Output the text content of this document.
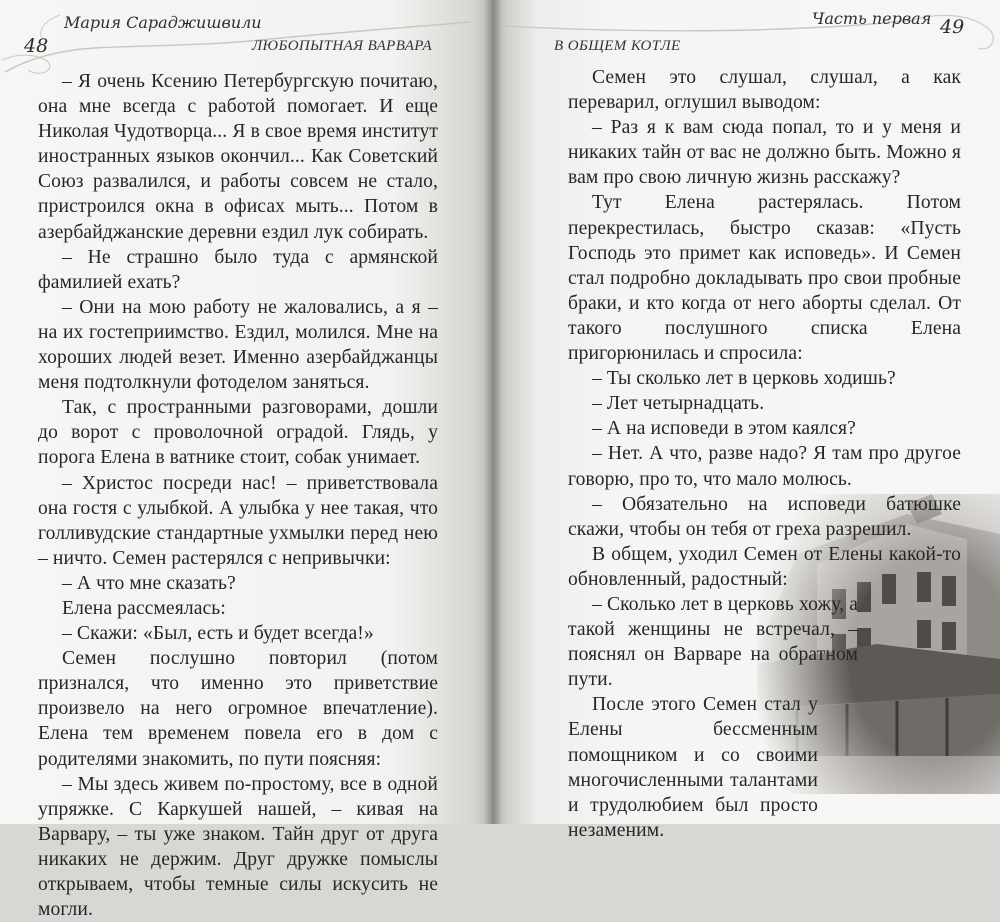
48
Мария Сараджишвили
ЛЮБОПЫТНАЯ ВАРВАРА

– Я очень Ксению Петербургскую почитаю, она мне всегда с работой помогает. И еще Николая Чудотворца... Я в свое время институт иностранных языков окончил... Как Советский Союз развалился, и работы совсем не стало, пристроился окна в офисах мыть... Потом в азербайджанские деревни ездил лук собирать.

– Не страшно было туда с армянской фамилией ехать?

– Они на мою работу не жаловались, а я – на их гостеприимство. Ездил, молился. Мне на хороших людей везет. Именно азербайджанцы меня подтолкнули фотоделом заняться.

Так, с пространными разговорами, дошли до ворот с проволочной оградой. Глядь, у порога Елена в ватнике стоит, собак унимает.

– Христос посреди нас! – приветствовала она гостя с улыбкой. А улыбка у нее такая, что голливудские стандартные ухмылки перед нею – ничто. Семен растерялся с непривычки:

– А что мне сказать?

Елена рассмеялась:

– Скажи: «Был, есть и будет всегда!»

Семен послушно повторил (потом признался, что именно это приветствие произвело на него огромное впечатление). Елена тем временем повела его в дом с родителями знакомить, по пути поясняя:

– Мы здесь живем по-простому, все в одной упряжке. С Каркушей нашей, – кивая на Варвару, – ты уже знаком. Тайн друг от друга никаких не держим. Друг дружке помыслы открываем, чтобы темные силы искусить не могли.

Часть первая 49
В ОБЩЕМ КОТЛЕ

Семен это слушал, слушал, а как переварил, оглушил выводом:

– Раз я к вам сюда попал, то и у меня и никаких тайн от вас не должно быть. Можно я вам про свою личную жизнь расскажу?

Тут Елена растерялась. Потом перекрестилась, быстро сказав: «Пусть Господь это примет как исповедь». И Семен стал подробно докладывать про свои пробные браки, и кто когда от него аборты сделал. От такого послушного списка Елена пригорюнилась и спросила:

– Ты сколько лет в церковь ходишь?

– Лет четырнадцать.

– А на исповеди в этом каялся?

– Нет. А что, разве надо? Я там про другое говорю, про то, что мало молюсь.

– Обязательно на исповеди батюшке скажи, чтобы он тебя от греха разрешил.

В общем, уходил Семен от Елены какой-то обновленный, радостный:

– Сколько лет в церковь хожу, а такой женщины не встречал, – пояснял он Варваре на обратном пути.

После этого Семен стал у Елены бессменным помощником и со своими многочисленными талантами и трудолюбием был просто незаменим.
